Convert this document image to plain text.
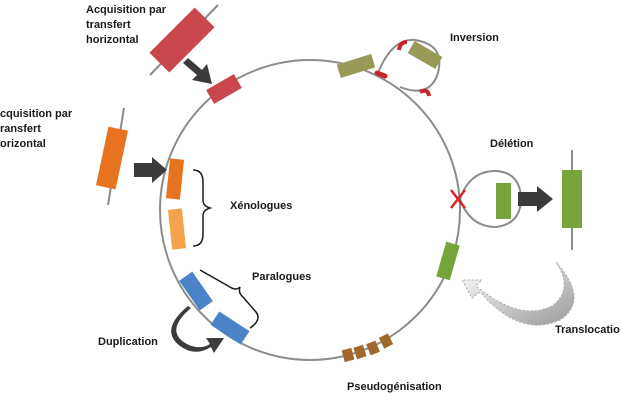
Acquisition par
transfert
horizontal
cquisition par
ransfert
orizontal
Inversion
Délétion
Xénologues
Paralogues
Duplication
Pseudogénisation
Translocatio
